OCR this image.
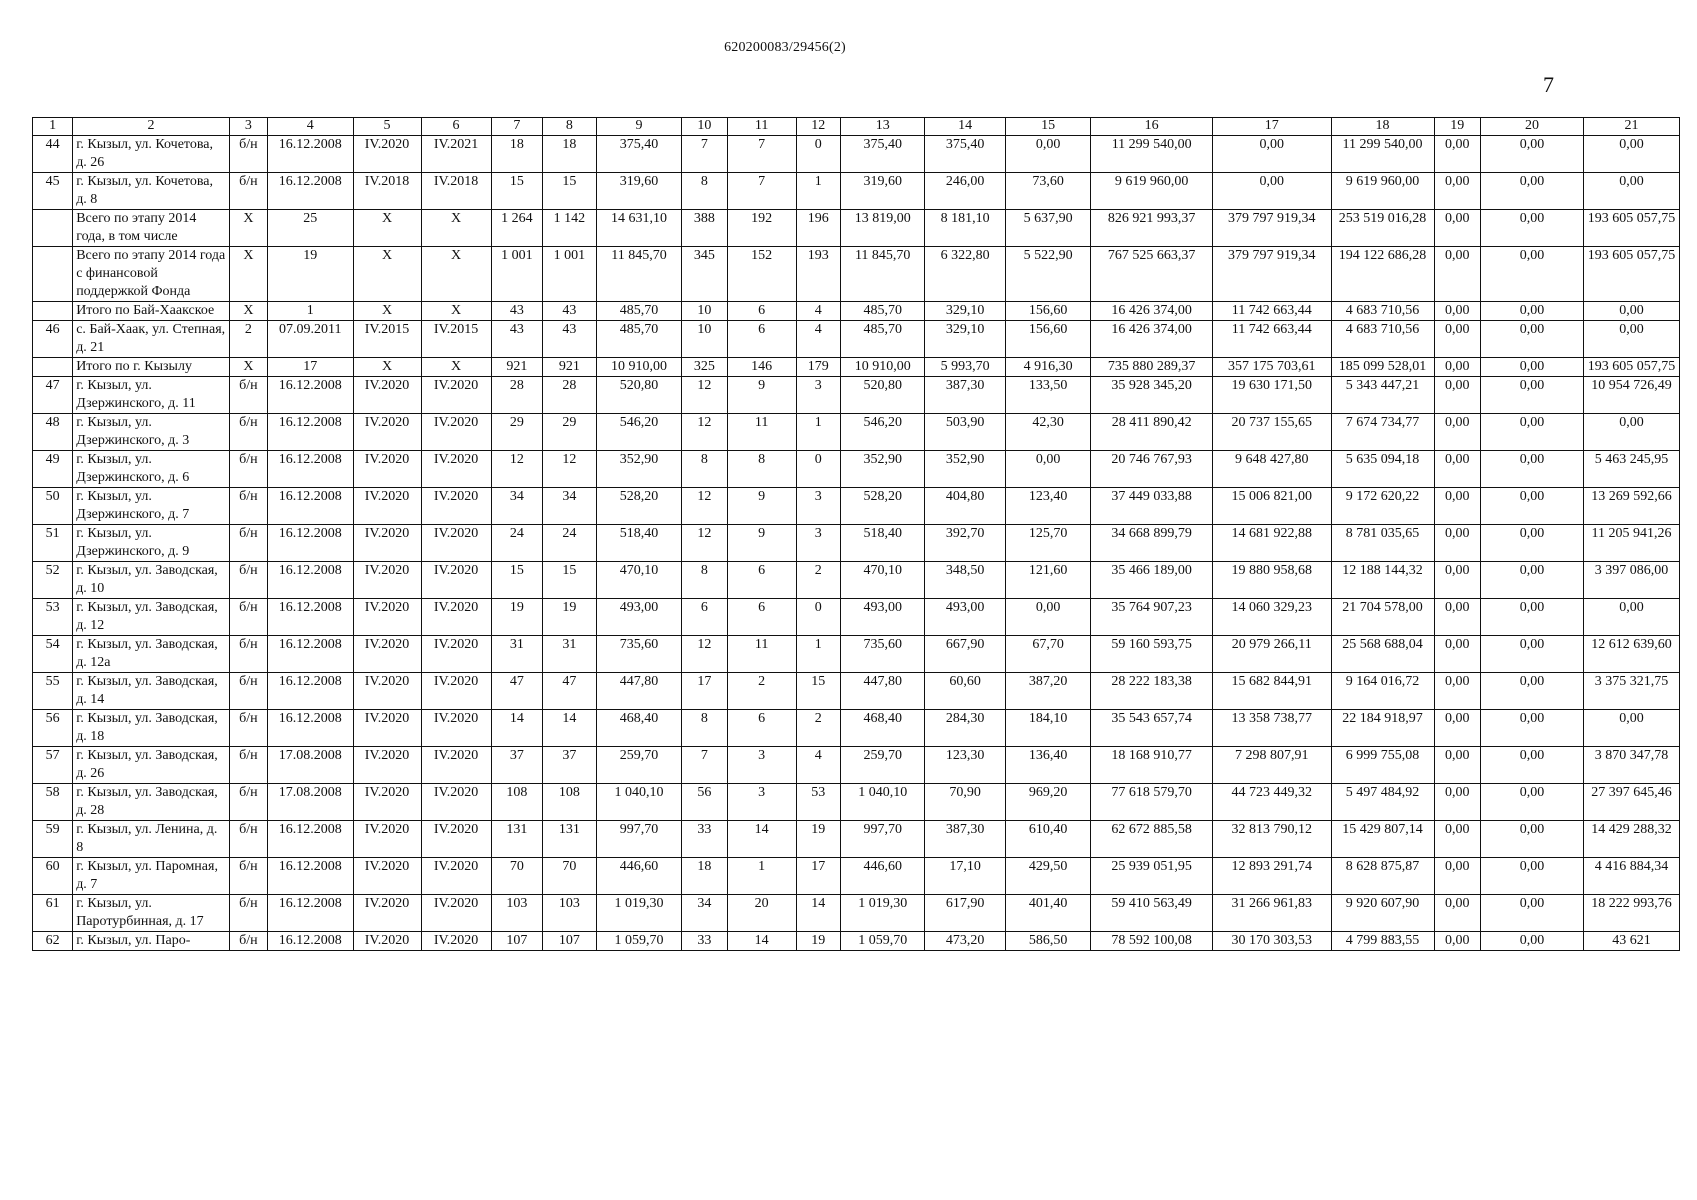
620200083/29456(2)
7
1	2	3	4	5	6	7	8	9	10	11	12	13	14	15	16	17	18	19	20	21
44	г. Кызыл, ул. Кочетова, д. 26	б/н	16.12.2008	IV.2020	IV.2021	18	18	375,40	7	7	0	375,40	375,40	0,00	11 299 540,00	0,00	11 299 540,00	0,00	0,00	0,00
45	г. Кызыл, ул. Кочетова, д. 8	б/н	16.12.2008	IV.2018	IV.2018	15	15	319,60	8	7	1	319,60	246,00	73,60	9 619 960,00	0,00	9 619 960,00	0,00	0,00	0,00
	Всего по этапу 2014 года, в том числе	X	25	X	X	1 264	1 142	14 631,10	388	192	196	13 819,00	8 181,10	5 637,90	826 921 993,37	379 797 919,34	253 519 016,28	0,00	0,00	193 605 057,75
	Всего по этапу 2014 года с финансовой поддержкой Фонда	X	19	X	X	1 001	1 001	11 845,70	345	152	193	11 845,70	6 322,80	5 522,90	767 525 663,37	379 797 919,34	194 122 686,28	0,00	0,00	193 605 057,75
	Итого по Бай-Хаакское	X	1	X	X	43	43	485,70	10	6	4	485,70	329,10	156,60	16 426 374,00	11 742 663,44	4 683 710,56	0,00	0,00	0,00
46	с. Бай-Хаак, ул. Степная, д. 21	2	07.09.2011	IV.2015	IV.2015	43	43	485,70	10	6	4	485,70	329,10	156,60	16 426 374,00	11 742 663,44	4 683 710,56	0,00	0,00	0,00
	Итого по г. Кызылу	X	17	X	X	921	921	10 910,00	325	146	179	10 910,00	5 993,70	4 916,30	735 880 289,37	357 175 703,61	185 099 528,01	0,00	0,00	193 605 057,75
47	г. Кызыл, ул. Дзержинского, д. 11	б/н	16.12.2008	IV.2020	IV.2020	28	28	520,80	12	9	3	520,80	387,30	133,50	35 928 345,20	19 630 171,50	5 343 447,21	0,00	0,00	10 954 726,49
48	г. Кызыл, ул. Дзержинского, д. 3	б/н	16.12.2008	IV.2020	IV.2020	29	29	546,20	12	11	1	546,20	503,90	42,30	28 411 890,42	20 737 155,65	7 674 734,77	0,00	0,00	0,00
49	г. Кызыл, ул. Дзержинского, д. 6	б/н	16.12.2008	IV.2020	IV.2020	12	12	352,90	8	8	0	352,90	352,90	0,00	20 746 767,93	9 648 427,80	5 635 094,18	0,00	0,00	5 463 245,95
50	г. Кызыл, ул. Дзержинского, д. 7	б/н	16.12.2008	IV.2020	IV.2020	34	34	528,20	12	9	3	528,20	404,80	123,40	37 449 033,88	15 006 821,00	9 172 620,22	0,00	0,00	13 269 592,66
51	г. Кызыл, ул. Дзержинского, д. 9	б/н	16.12.2008	IV.2020	IV.2020	24	24	518,40	12	9	3	518,40	392,70	125,70	34 668 899,79	14 681 922,88	8 781 035,65	0,00	0,00	11 205 941,26
52	г. Кызыл, ул. Заводская, д. 10	б/н	16.12.2008	IV.2020	IV.2020	15	15	470,10	8	6	2	470,10	348,50	121,60	35 466 189,00	19 880 958,68	12 188 144,32	0,00	0,00	3 397 086,00
53	г. Кызыл, ул. Заводская, д. 12	б/н	16.12.2008	IV.2020	IV.2020	19	19	493,00	6	6	0	493,00	493,00	0,00	35 764 907,23	14 060 329,23	21 704 578,00	0,00	0,00	0,00
54	г. Кызыл, ул. Заводская, д. 12а	б/н	16.12.2008	IV.2020	IV.2020	31	31	735,60	12	11	1	735,60	667,90	67,70	59 160 593,75	20 979 266,11	25 568 688,04	0,00	0,00	12 612 639,60
55	г. Кызыл, ул. Заводская, д. 14	б/н	16.12.2008	IV.2020	IV.2020	47	47	447,80	17	2	15	447,80	60,60	387,20	28 222 183,38	15 682 844,91	9 164 016,72	0,00	0,00	3 375 321,75
56	г. Кызыл, ул. Заводская, д. 18	б/н	16.12.2008	IV.2020	IV.2020	14	14	468,40	8	6	2	468,40	284,30	184,10	35 543 657,74	13 358 738,77	22 184 918,97	0,00	0,00	0,00
57	г. Кызыл, ул. Заводская, д. 26	б/н	17.08.2008	IV.2020	IV.2020	37	37	259,70	7	3	4	259,70	123,30	136,40	18 168 910,77	7 298 807,91	6 999 755,08	0,00	0,00	3 870 347,78
58	г. Кызыл, ул. Заводская, д. 28	б/н	17.08.2008	IV.2020	IV.2020	108	108	1 040,10	56	3	53	1 040,10	70,90	969,20	77 618 579,70	44 723 449,32	5 497 484,92	0,00	0,00	27 397 645,46
59	г. Кызыл, ул. Ленина, д. 8	б/н	16.12.2008	IV.2020	IV.2020	131	131	997,70	33	14	19	997,70	387,30	610,40	62 672 885,58	32 813 790,12	15 429 807,14	0,00	0,00	14 429 288,32
60	г. Кызыл, ул. Паромная, д. 7	б/н	16.12.2008	IV.2020	IV.2020	70	70	446,60	18	1	17	446,60	17,10	429,50	25 939 051,95	12 893 291,74	8 628 875,87	0,00	0,00	4 416 884,34
61	г. Кызыл, ул. Паротурбинная, д. 17	б/н	16.12.2008	IV.2020	IV.2020	103	103	1 019,30	34	20	14	1 019,30	617,90	401,40	59 410 563,49	31 266 961,83	9 920 607,90	0,00	0,00	18 222 993,76
62	г. Кызыл, ул. Паро-	б/н	16.12.2008	IV.2020	IV.2020	107	107	1 059,70	33	14	19	1 059,70	473,20	586,50	78 592 100,08	30 170 303,53	4 799 883,55	0,00	0,00	43 621
